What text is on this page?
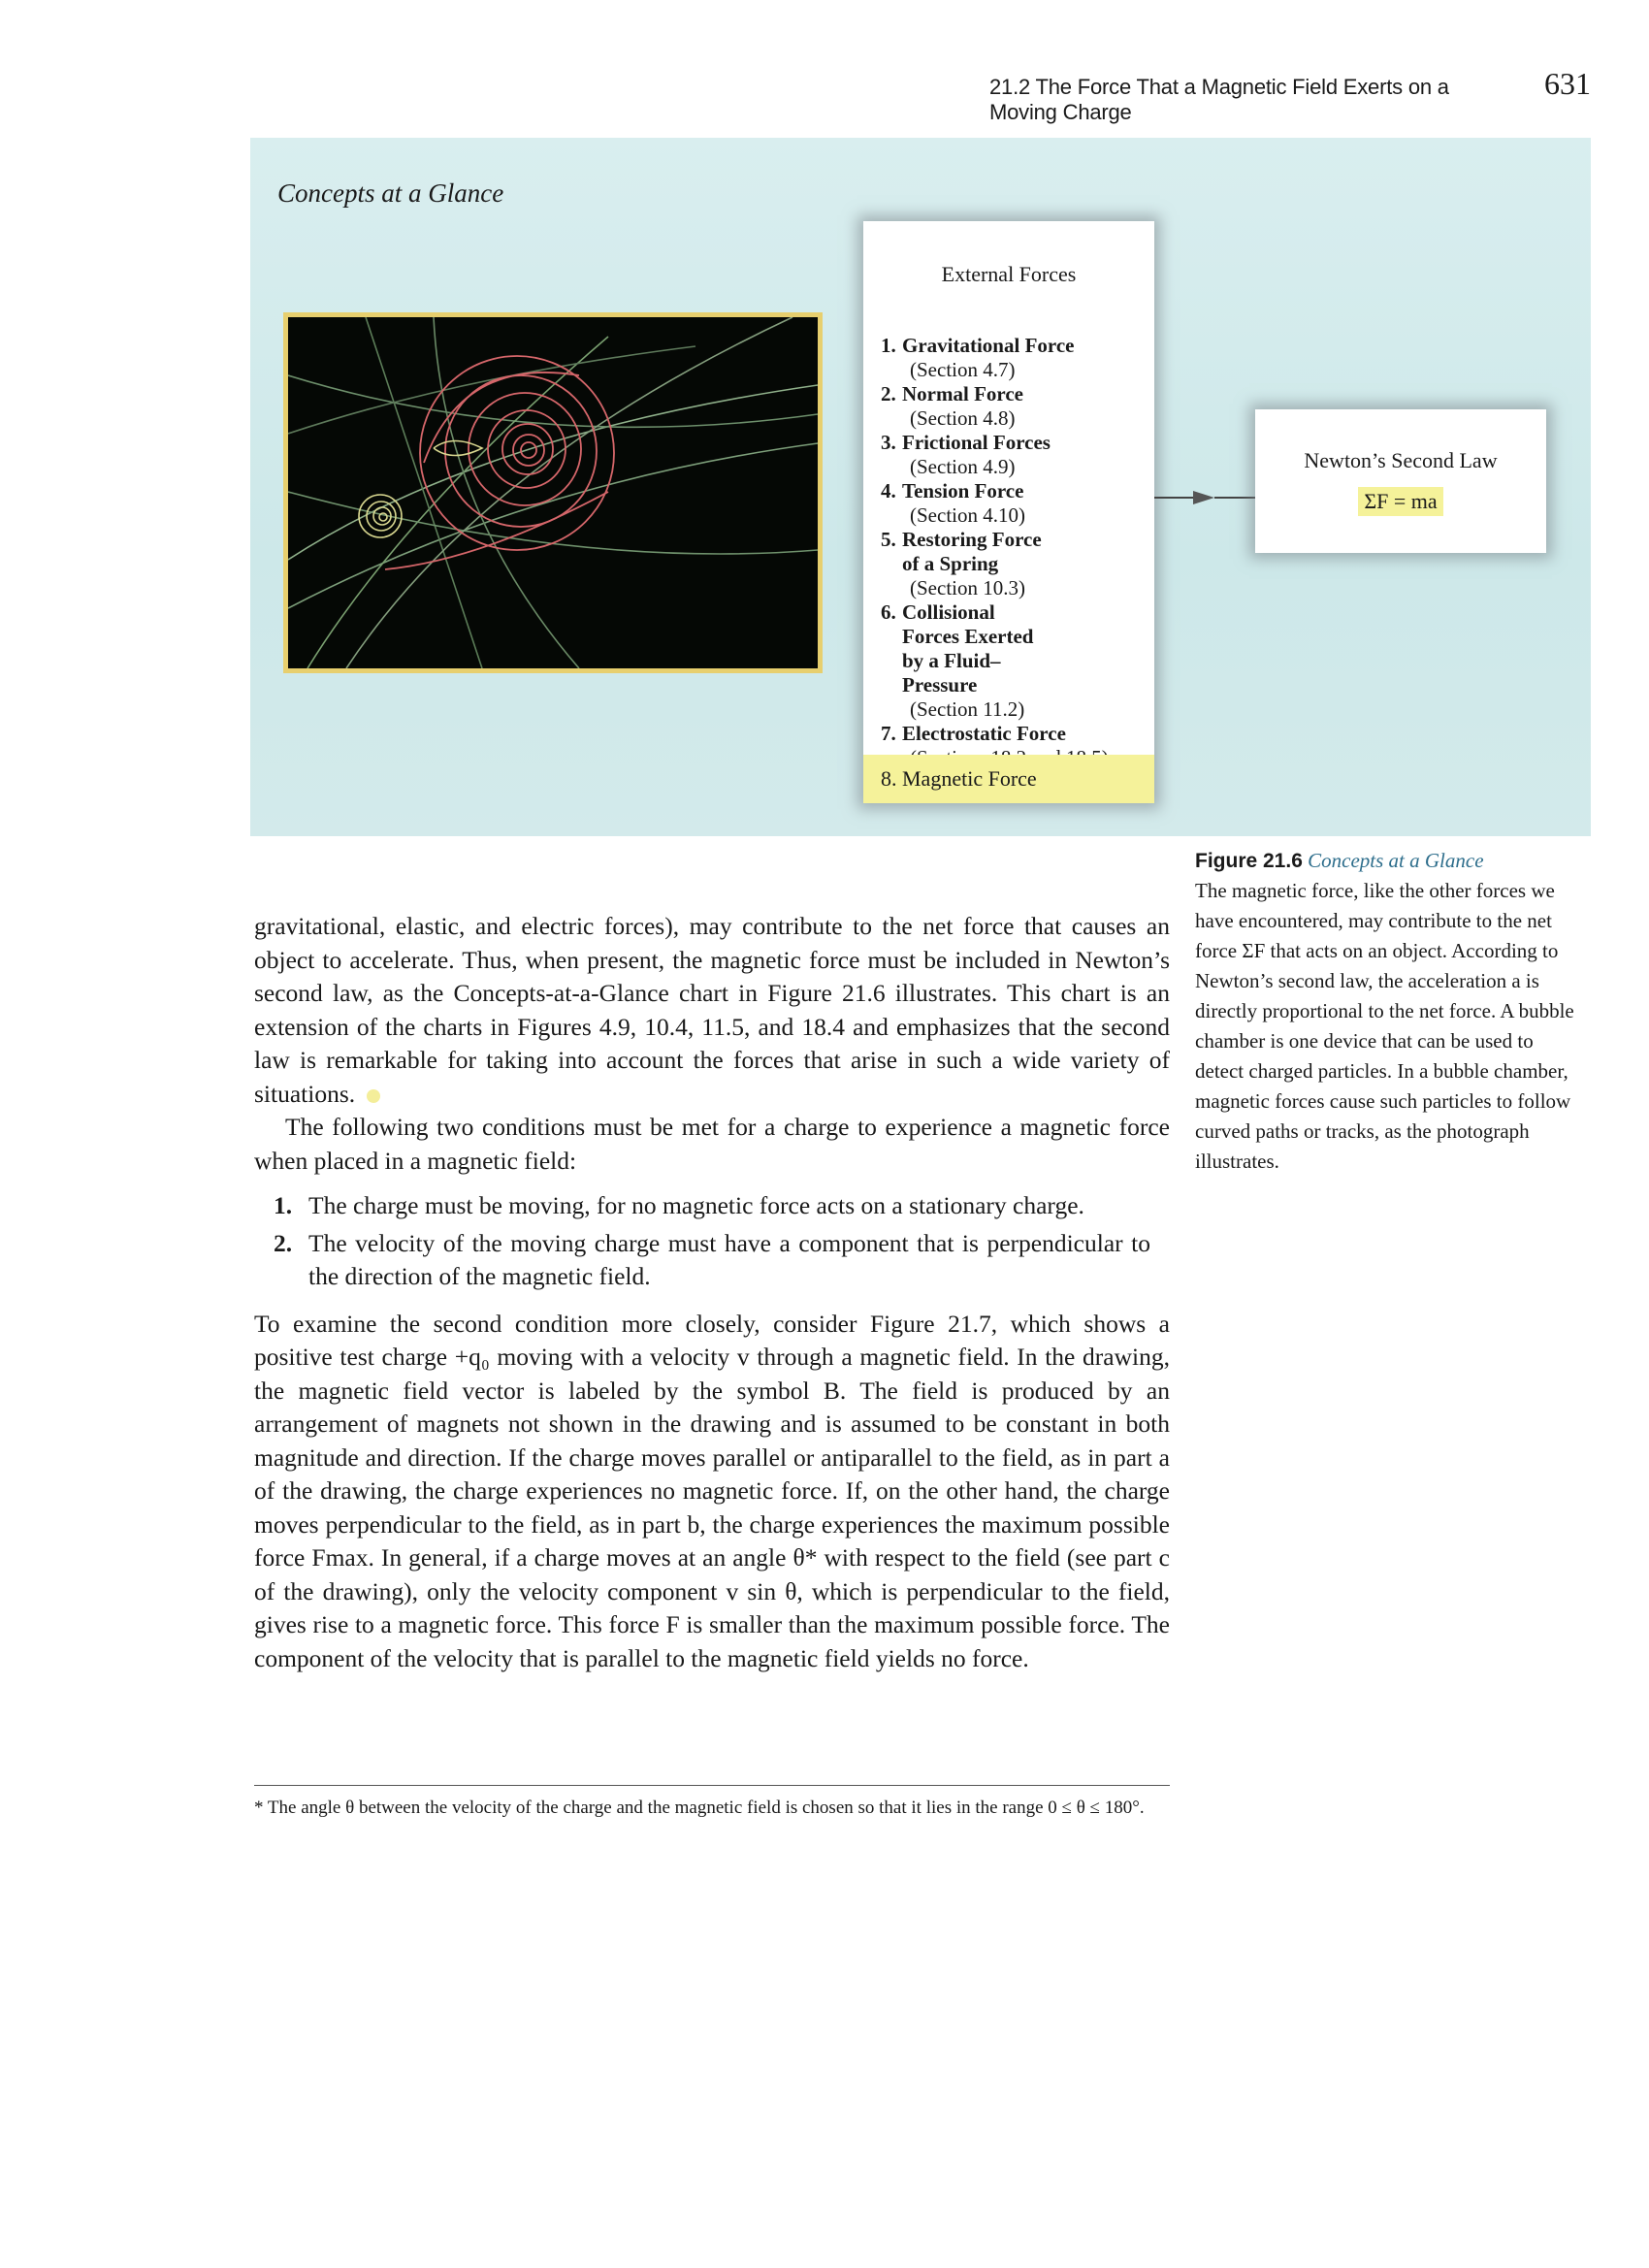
21.2 The Force That a Magnetic Field Exerts on a Moving Charge
631
Concepts at a Glance
External Forces
1. Gravitational Force
(Section 4.7)
2. Normal Force
(Section 4.8)
3. Frictional Forces
(Section 4.9)
4. Tension Force
(Section 4.10)
5. Restoring Force of a Spring
(Section 10.3)
6. Collisional Forces Exerted by a Fluid–Pressure
(Section 11.2)
7. Electrostatic Force
8. Magnetic Force
Newton’s Second Law
ΣF = ma
Figure 21.6 Concepts at a Glance
The magnetic force, like the other forces we have encountered, may contribute to the net force ΣF that acts on an object. According to Newton’s second law, the acceleration a is directly proportional to the net force. A bubble chamber is one device that can be used to detect charged particles. In a bubble chamber, magnetic forces cause such particles to follow curved paths or tracks, as the photograph illustrates.

gravitational, elastic, and electric forces), may contribute to the net force that causes an object to accelerate. Thus, when present, the magnetic force must be included in Newton’s second law, as the Concepts-at-a-Glance chart in Figure 21.6 illustrates. This chart is an extension of the charts in Figures 4.9, 10.4, 11.5, and 18.4 and emphasizes that the second law is remarkable for taking into account the forces that arise in such a wide variety of situations.

The following two conditions must be met for a charge to experience a magnetic force when placed in a magnetic field:

1. The charge must be moving, for no magnetic force acts on a stationary charge.
2. The velocity of the moving charge must have a component that is perpendicular to the direction of the magnetic field.

To examine the second condition more closely, consider Figure 21.7, which shows a positive test charge +q₀ moving with a velocity v through a magnetic field. In the drawing, the magnetic field vector is labeled by the symbol B. The field is produced by an arrangement of magnets not shown in the drawing and is assumed to be constant in both magnitude and direction. If the charge moves parallel or antiparallel to the field, as in part a of the drawing, the charge experiences no magnetic force. If, on the other hand, the charge moves perpendicular to the field, as in part b, the charge experiences the maximum possible force Fmax. In general, if a charge moves at an angle θ* with respect to the field (see part c of the drawing), only the velocity component v sin θ, which is perpendicular to the field, gives rise to a magnetic force. This force F is smaller than the maximum possible force. The component of the velocity that is parallel to the magnetic field yields no force.

* The angle θ between the velocity of the charge and the magnetic field is chosen so that it lies in the range 0 ≤ θ ≤ 180°.
